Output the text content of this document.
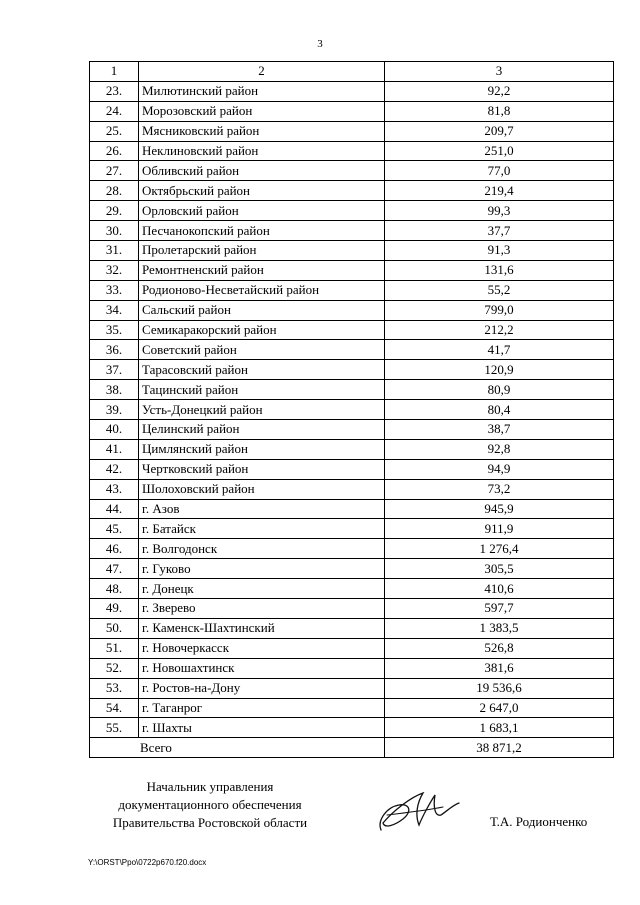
3
1	2	3
23.	Милютинский район	92,2
24.	Морозовский район	81,8
25.	Мясниковский район	209,7
26.	Неклиновский район	251,0
27.	Обливский район	77,0
28.	Октябрьский район	219,4
29.	Орловский район	99,3
30.	Песчанокопский район	37,7
31.	Пролетарский район	91,3
32.	Ремонтненский район	131,6
33.	Родионово-Несветайский район	55,2
34.	Сальский район	799,0
35.	Семикаракорский район	212,2
36.	Советский район	41,7
37.	Тарасовский район	120,9
38.	Тацинский район	80,9
39.	Усть-Донецкий район	80,4
40.	Целинский район	38,7
41.	Цимлянский район	92,8
42.	Чертковский район	94,9
43.	Шолоховский район	73,2
44.	г. Азов	945,9
45.	г. Батайск	911,9
46.	г. Волгодонск	1 276,4
47.	г. Гуково	305,5
48.	г. Донецк	410,6
49.	г. Зверево	597,7
50.	г. Каменск-Шахтинский	1 383,5
51.	г. Новочеркасск	526,8
52.	г. Новошахтинск	381,6
53.	г. Ростов-на-Дону	19 536,6
54.	г. Таганрог	2 647,0
55.	г. Шахты	1 683,1
Всего		38 871,2
Начальник управления
документационного обеспечения
Правительства Ростовской области	Т.А. Родионченко
Y:\ORST\Ppo\0722p670.f20.docx
